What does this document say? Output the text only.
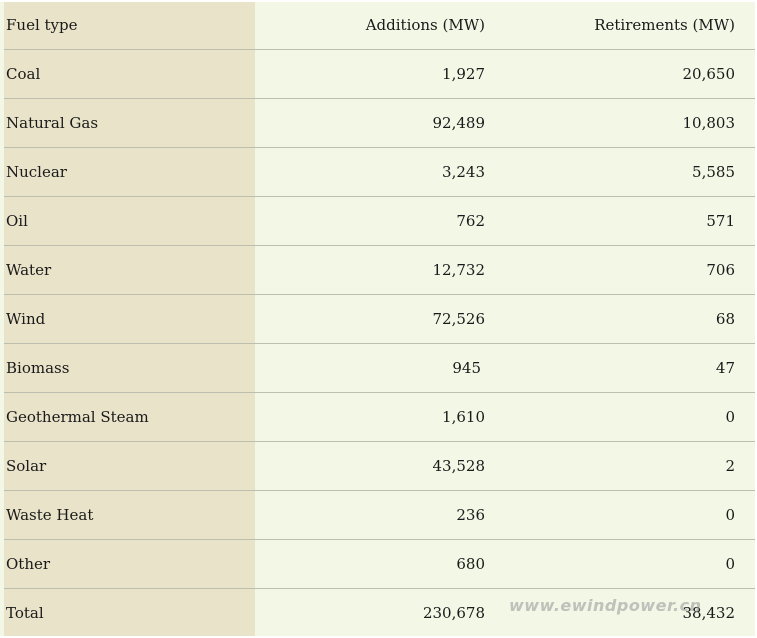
Fuel type	Additions (MW)	Retirements (MW)
Coal	1,927	20,650
Natural Gas	92,489	10,803
Nuclear	3,243	5,585
Oil	762	571
Water	12,732	706
Wind	72,526	68
Biomass	945	47
Geothermal Steam	1,610	0
Solar	43,528	2
Waste Heat	236	0
Other	680	0
Total	230,678	38,432
www.ewindpower.cn
